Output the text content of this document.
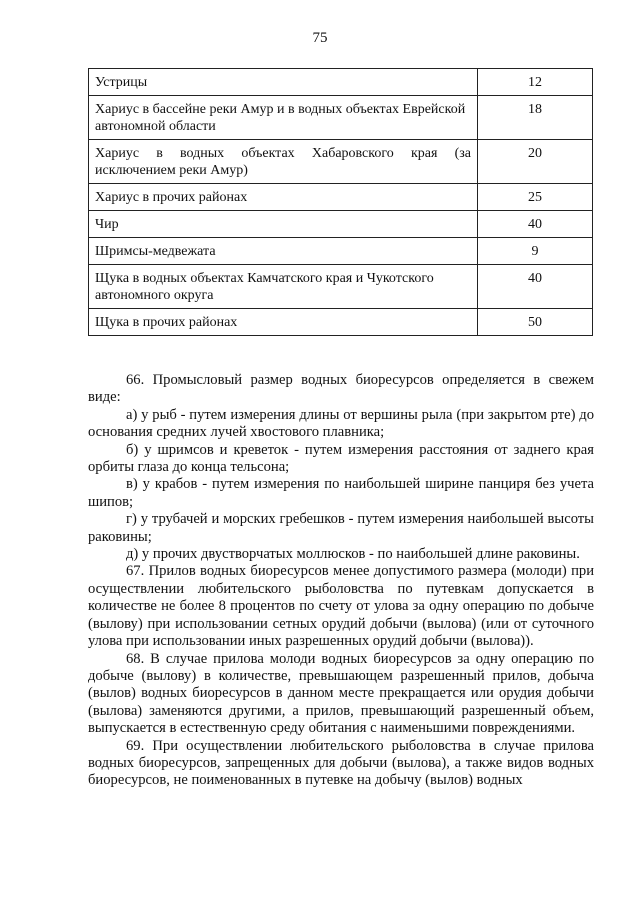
75
Устрицы	12
Хариус в бассейне реки Амур и в водных объектах Еврейской автономной области	18
Хариус в водных объектах Хабаровского края (за исключением реки Амур)	20
Хариус в прочих районах	25
Чир	40
Шримсы-медвежата	9
Щука в водных объектах Камчатского края и Чукотского автономного округа	40
Щука в прочих районах	50

66. Промысловый размер водных биоресурсов определяется в свежем виде:

а) у рыб - путем измерения длины от вершины рыла (при закрытом рте) до основания средних лучей хвостового плавника;

б) у шримсов и креветок - путем измерения расстояния от заднего края орбиты глаза до конца тельсона;

в) у крабов - путем измерения по наибольшей ширине панциря без учета шипов;

г) у трубачей и морских гребешков - путем измерения наибольшей высоты раковины;

д) у прочих двустворчатых моллюсков - по наибольшей длине раковины.

67. Прилов водных биоресурсов менее допустимого размера (молоди) при осуществлении любительского рыболовства по путевкам допускается в количестве не более 8 процентов по счету от улова за одну операцию по добыче (вылову) при использовании сетных орудий добычи (вылова) (или от суточного улова при использовании иных разрешенных орудий добычи (вылова)).

68. В случае прилова молоди водных биоресурсов за одну операцию по добыче (вылову) в количестве, превышающем разрешенный прилов, добыча (вылов) водных биоресурсов в данном месте прекращается или орудия добычи (вылова) заменяются другими, а прилов, превышающий разрешенный объем, выпускается в естественную среду обитания с наименьшими повреждениями.

69. При осуществлении любительского рыболовства в случае прилова водных биоресурсов, запрещенных для добычи (вылова), а также видов водных биоресурсов, не поименованных в путевке на добычу (вылов) водных
